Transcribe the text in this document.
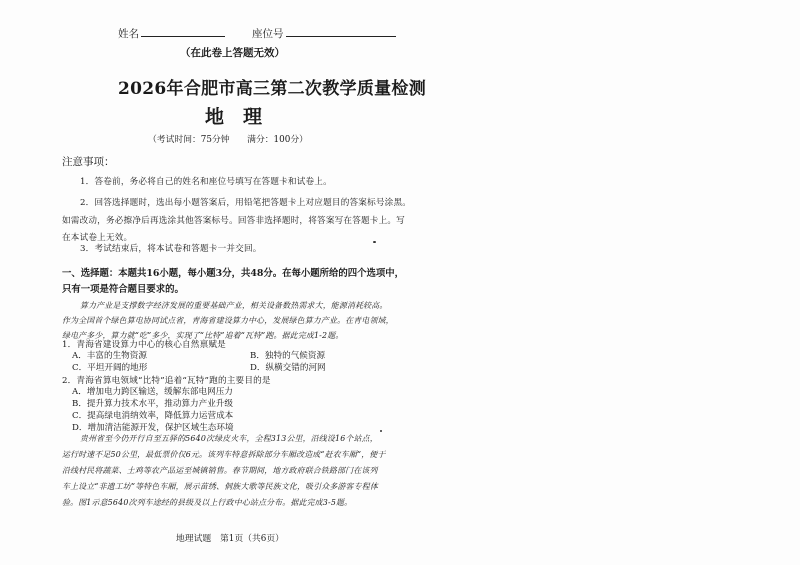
姓名	座位号
（在此卷上答题无效）
2026年合肥市高三第二次教学质量检测
地　理
（考试时间：75分钟　　满分：100分）
注意事项：
1．答卷前，务必将自己的姓名和座位号填写在答题卡和试卷上。
2．回答选择题时，选出每小题答案后，用铅笔把答题卡上对应题目的答案标号涂黑。
如需改动，务必擦净后再选涂其他答案标号。回答非选择题时，将答案写在答题卡上。写
在本试卷上无效。
3．考试结束后，将本试卷和答题卡一并交回。
一、选择题：本题共16小题，每小题3分，共48分。在每小题所给的四个选项中，
只有一项是符合题目要求的。
算力产业是支撑数字经济发展的重要基础产业，相关设备数热需求大，能源消耗较高。
作为全国首个绿色算电协同试点省，青海省建设算力中心，发展绿色算力产业。在青电领域，
绿电产多少，算力就“吃”多少，实现了“比特”追着“瓦特”跑。据此完成1-2题。
1．青海省建设算力中心的核心自然禀赋是
A．丰富的生物资源	B．独特的气候资源
C．平坦开阔的地形	D．纵横交错的河网
2．青海省算电领域“比特”追着“瓦特”跑的主要目的是
A．增加电力跨区输送，缓解东部电网压力
B．提升算力技术水平，推动算力产业升级
C．提高绿电消纳效率，降低算力运营成本
D．增加清洁能源开发，保护区域生态环境
贵州省至今仍开行自至五驿的5640次绿皮火车，全程313公里，沿线设16个站点，
运行时速不足50公里，最低票价仅6元。该列车特意拆除部分车厢改造成“赶农车厢”，便于
沿线村民将蔬菜、土鸡等农产品运至城镇销售。春节期间，地方政府联合铁路部门在该列
车上设立“非遗工坊”等特色车厢，展示苗绣、侗族大歌等民族文化，吸引众多游客专程体
验。图1示意5640次列车途经的县级及以上行政中心站点分布。据此完成3-5题。
地理试题　第1页（共6页）
